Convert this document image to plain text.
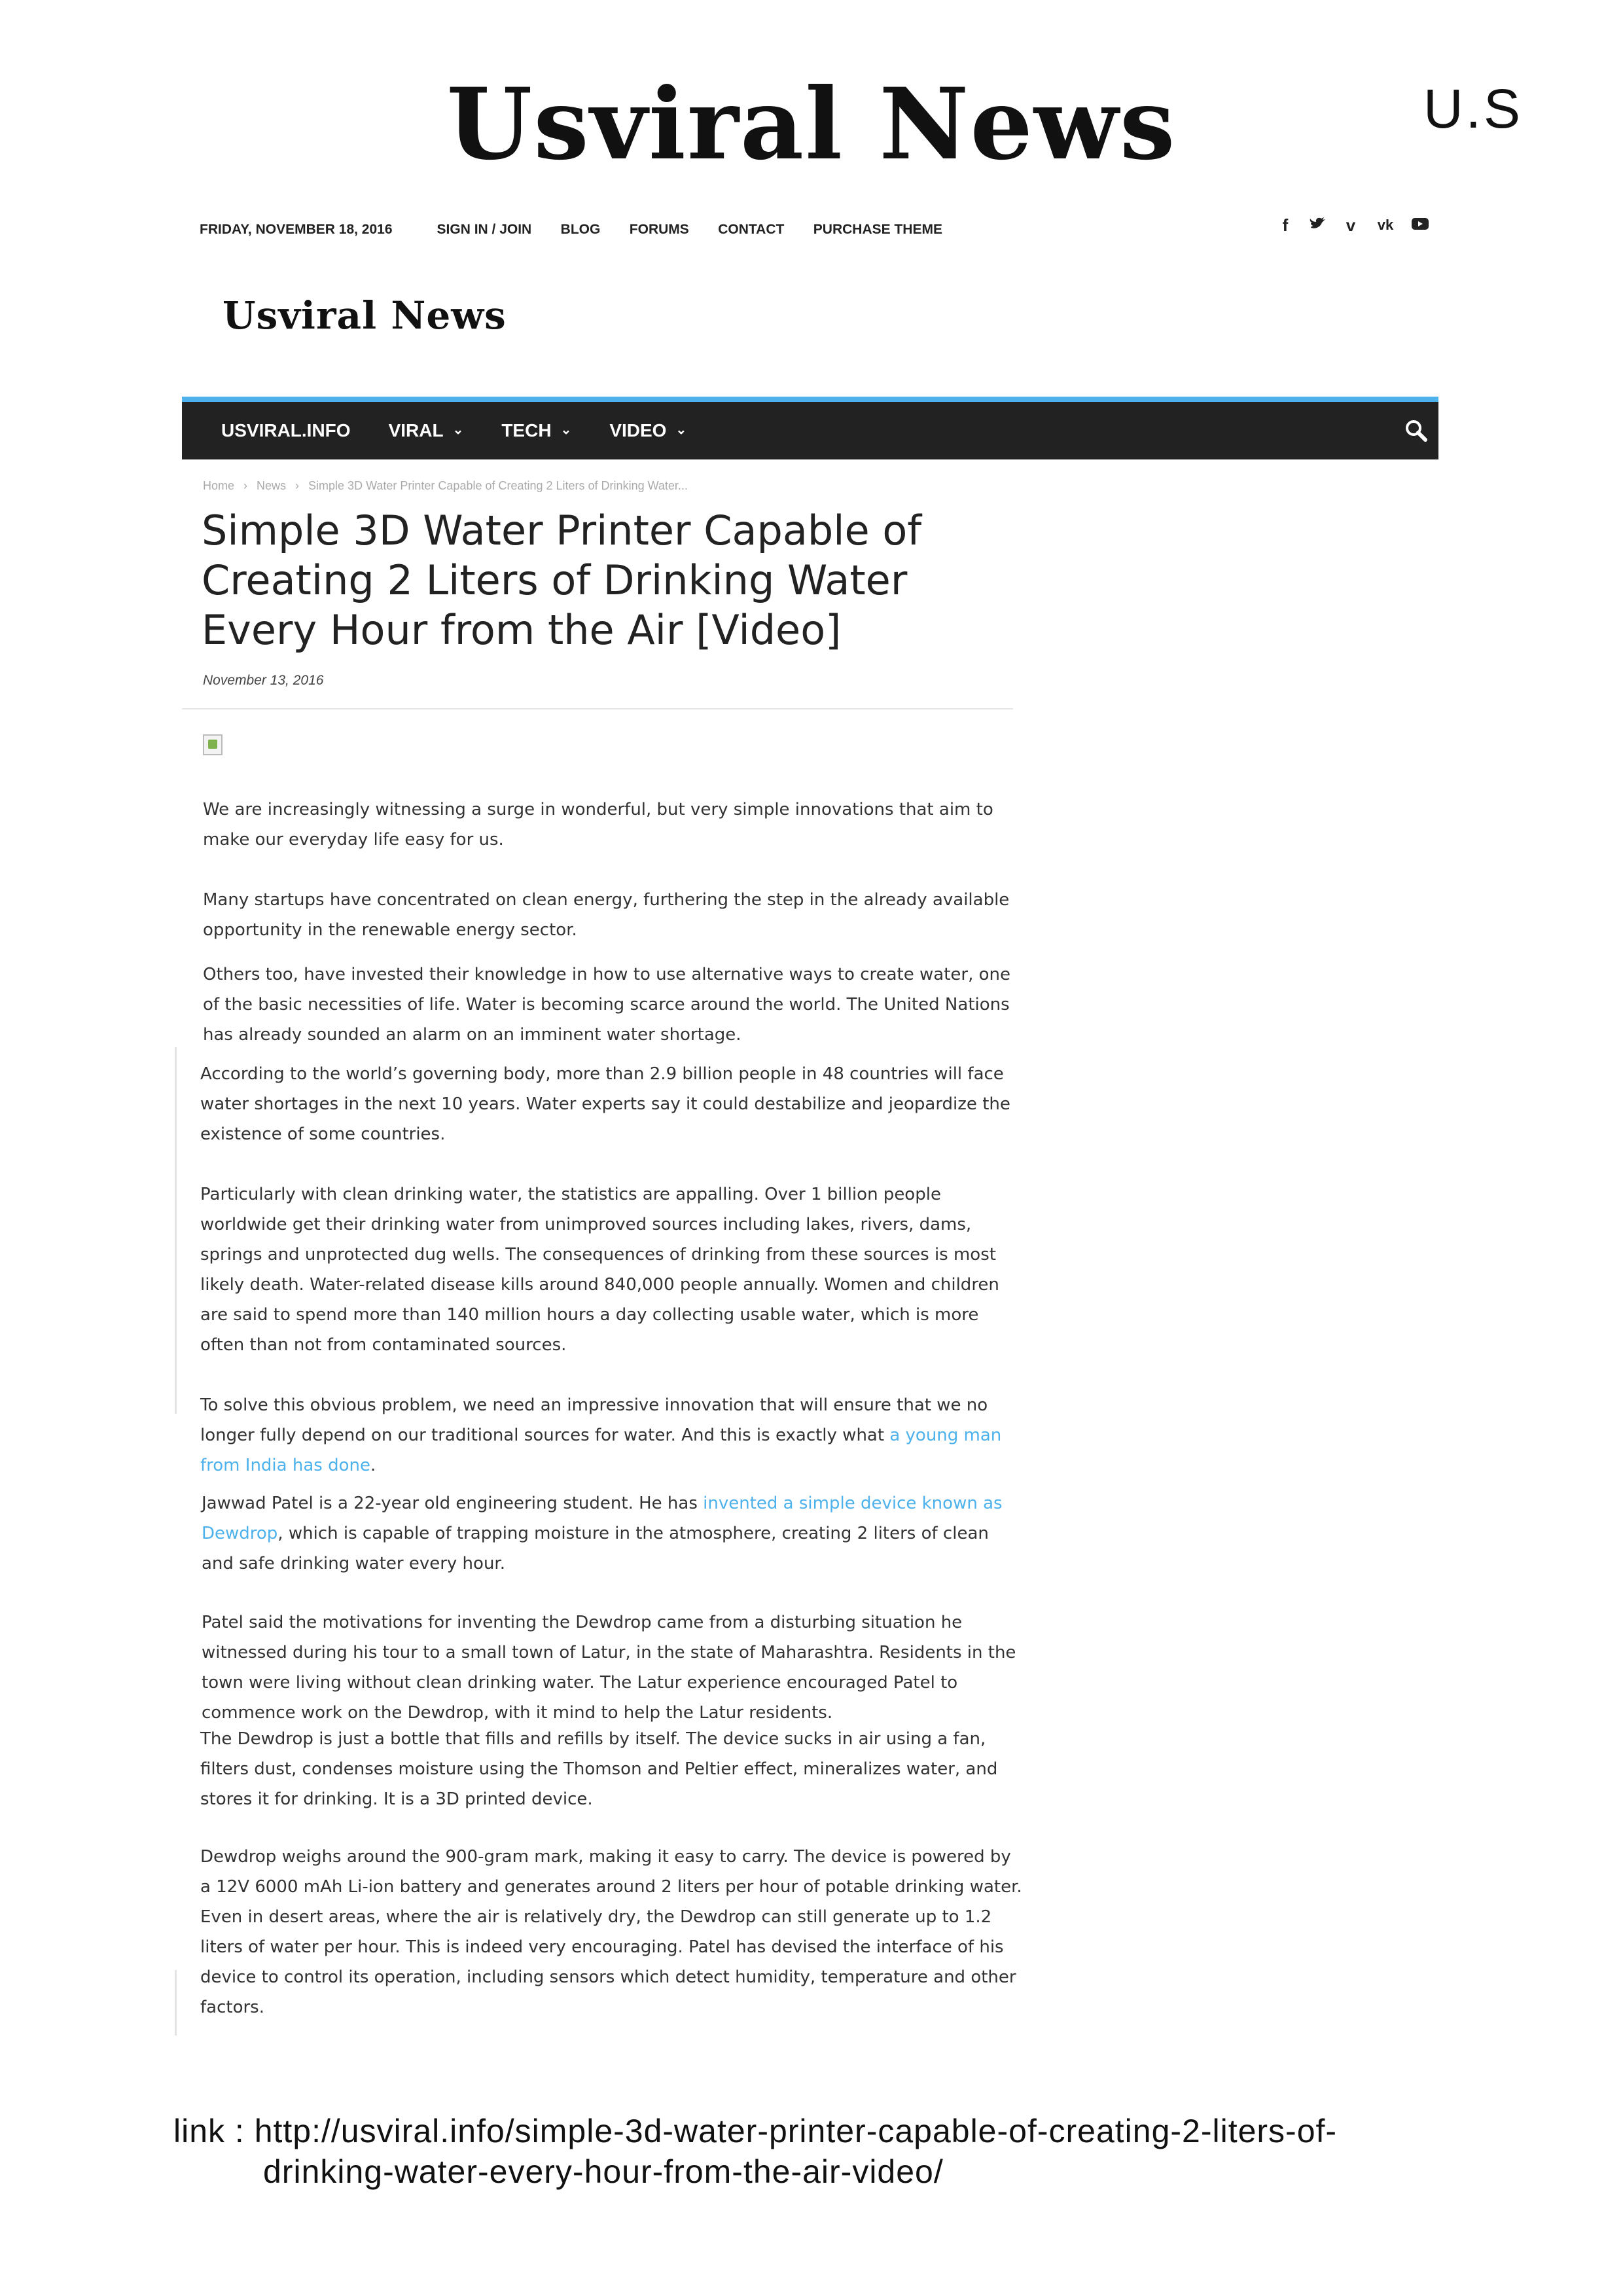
Usviral News	U.S
FRIDAY, NOVEMBER 18, 2016	SIGN IN / JOIN BLOG FORUMS CONTACT PURCHASE THEME	f	v	vk
Usviral News
USVIRAL.INFO VIRAL ⌄ TECH ⌄ VIDEO ⌄
Home › News › Simple 3D Water Printer Capable of Creating 2 Liters of Drinking Water...
Simple 3D Water Printer Capable of Creating 2 Liters of Drinking Water Every Hour from the Air [Video]
November 13, 2016

We are increasingly witnessing a surge in wonderful, but very simple innovations that aim to make our everyday life easy for us.

Many startups have concentrated on clean energy, furthering the step in the already available opportunity in the renewable energy sector.

Others too, have invested their knowledge in how to use alternative ways to create water, one of the basic necessities of life. Water is becoming scarce around the world. The United Nations has already sounded an alarm on an imminent water shortage.

According to the world’s governing body, more than 2.9 billion people in 48 countries will face water shortages in the next 10 years. Water experts say it could destabilize and jeopardize the existence of some countries.

Particularly with clean drinking water, the statistics are appalling. Over 1 billion people worldwide get their drinking water from unimproved sources including lakes, rivers, dams, springs and unprotected dug wells. The consequences of drinking from these sources is most likely death. Water-related disease kills around 840,000 people annually. Women and children are said to spend more than 140 million hours a day collecting usable water, which is more often than not from contaminated sources.

To solve this obvious problem, we need an impressive innovation that will ensure that we no longer fully depend on our traditional sources for water. And this is exactly what a young man from India has done.

Jawwad Patel is a 22-year old engineering student. He has invented a simple device known as Dewdrop, which is capable of trapping moisture in the atmosphere, creating 2 liters of clean and safe drinking water every hour.

Patel said the motivations for inventing the Dewdrop came from a disturbing situation he witnessed during his tour to a small town of Latur, in the state of Maharashtra. Residents in the town were living without clean drinking water. The Latur experience encouraged Patel to commence work on the Dewdrop, with it mind to help the Latur residents.

The Dewdrop is just a bottle that fills and refills by itself. The device sucks in air using a fan, filters dust, condenses moisture using the Thomson and Peltier effect, mineralizes water, and stores it for drinking. It is a 3D printed device.

Dewdrop weighs around the 900-gram mark, making it easy to carry. The device is powered by a 12V 6000 mAh Li-ion battery and generates around 2 liters per hour of potable drinking water. Even in desert areas, where the air is relatively dry, the Dewdrop can still generate up to 1.2 liters of water per hour. This is indeed very encouraging. Patel has devised the interface of his device to control its operation, including sensors which detect humidity, temperature and other factors.

link : http://usviral.info/simple-3d-water-printer-capable-of-creating-2-liters-of-
drinking-water-every-hour-from-the-air-video/
